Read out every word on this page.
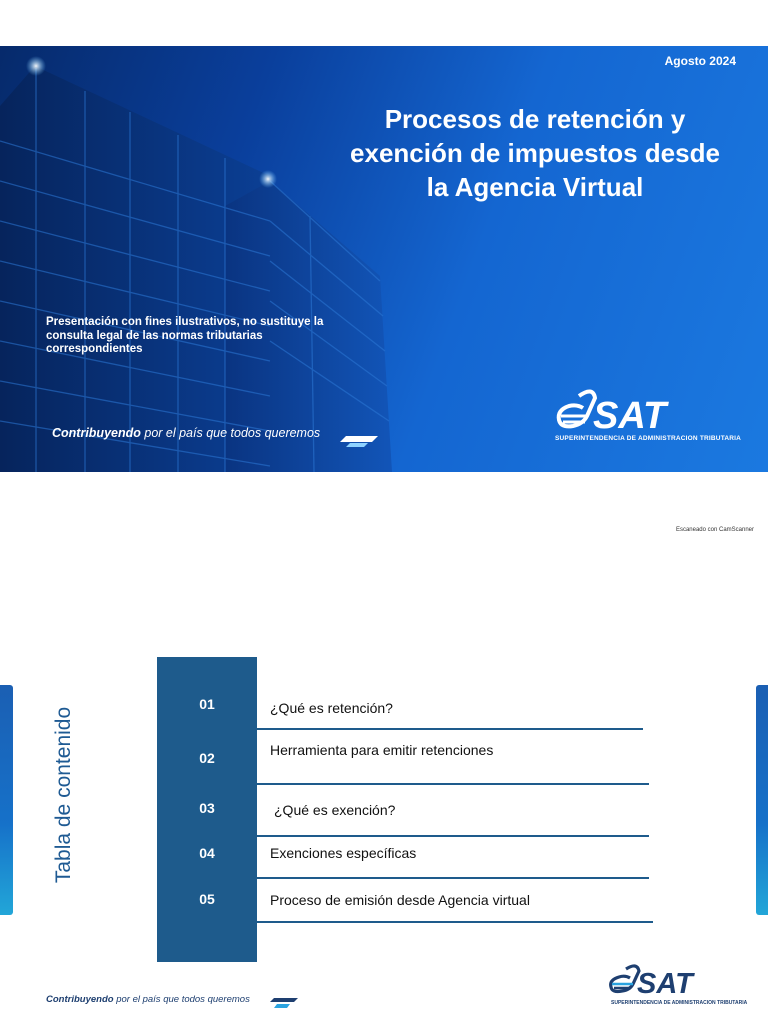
Agosto 2024
Procesos de retención y exención de impuestos desde la Agencia Virtual
Presentación con fines ilustrativos, no sustituye la consulta legal de las normas tributarias correspondientes
Contribuyendo por el país que todos queremos	SAT
SUPERINTENDENCIA DE ADMINISTRACION TRIBUTARIA
Escaneado con CamScanner
Tabla de contenido
01	¿Qué es retención?
02	Herramienta para emitir retenciones
03	¿Qué es exención?
04	Exenciones específicas
05	Proceso de emisión desde Agencia virtual
Contribuyendo por el país que todos queremos	SAT
SUPERINTENDENCIA DE ADMINISTRACION TRIBUTARIA
